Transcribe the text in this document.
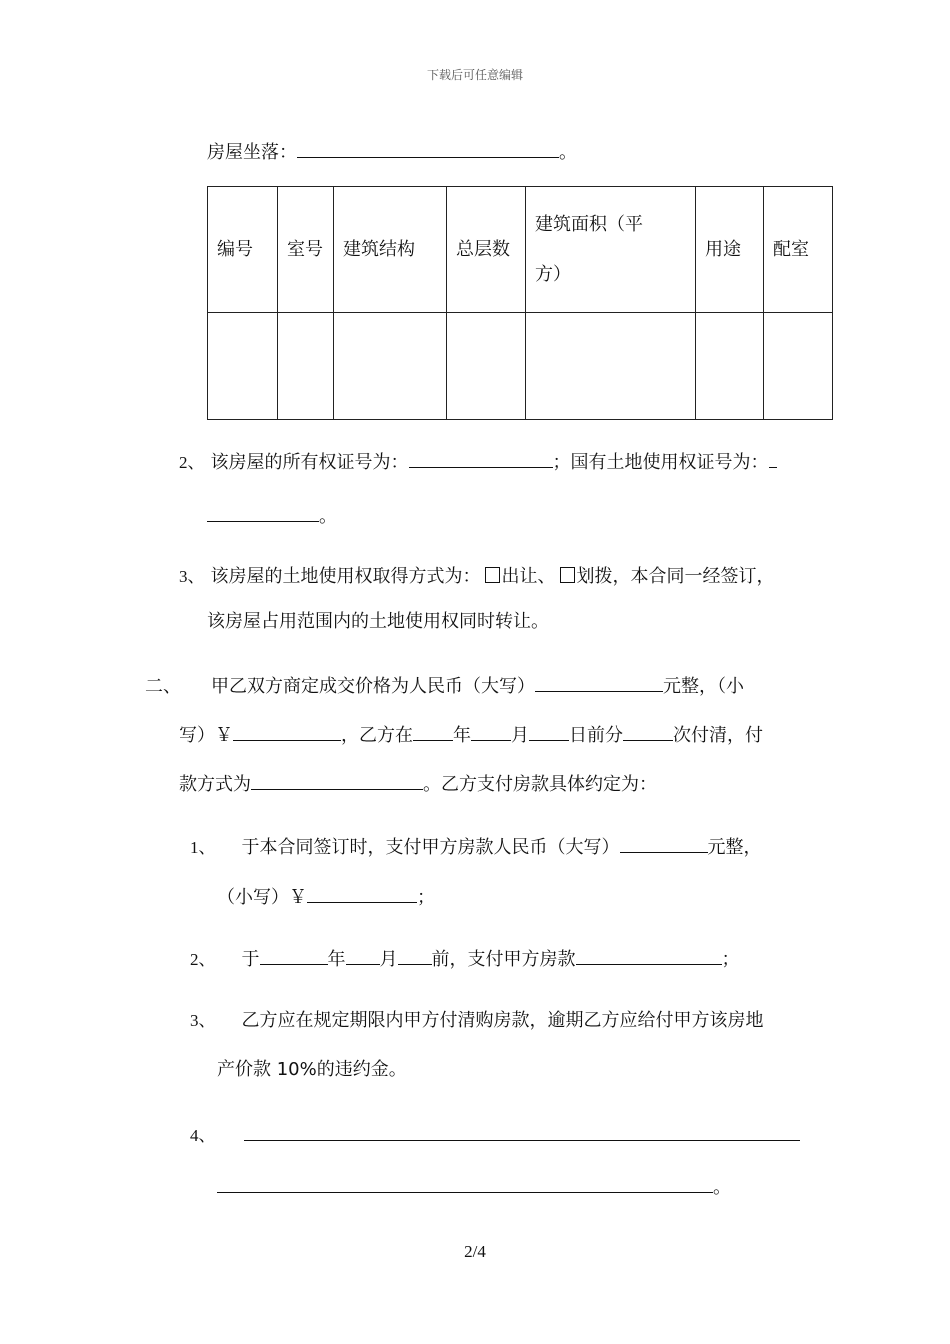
下载后可任意编辑
房屋坐落：	。
编号	室号	建筑结构	总层数	建筑面积（平方）	用途	配室

2、 该房屋的所有权证号为：	；国有土地使用权证号为：
。
3、 该房屋的土地使用权取得方式为： 出让、 划拨，本合同一经签订，
该房屋占用范围内的土地使用权同时转让。
二、 甲乙双方商定成交价格为人民币（大写）	元整，（小
写）￥	，乙方在 年 月 日前分	次付清，付
款方式为	。乙方支付房款具体约定为：
1、 于本合同签订时，支付甲方房款人民币（大写）	元整，
（小写）￥	；
2、 于	年 月 前，支付甲方房款	；
3、 乙方应在规定期限内甲方付清购房款，逾期乙方应给付甲方该房地
产价款 10%的违约金。
4、
。
2/4
